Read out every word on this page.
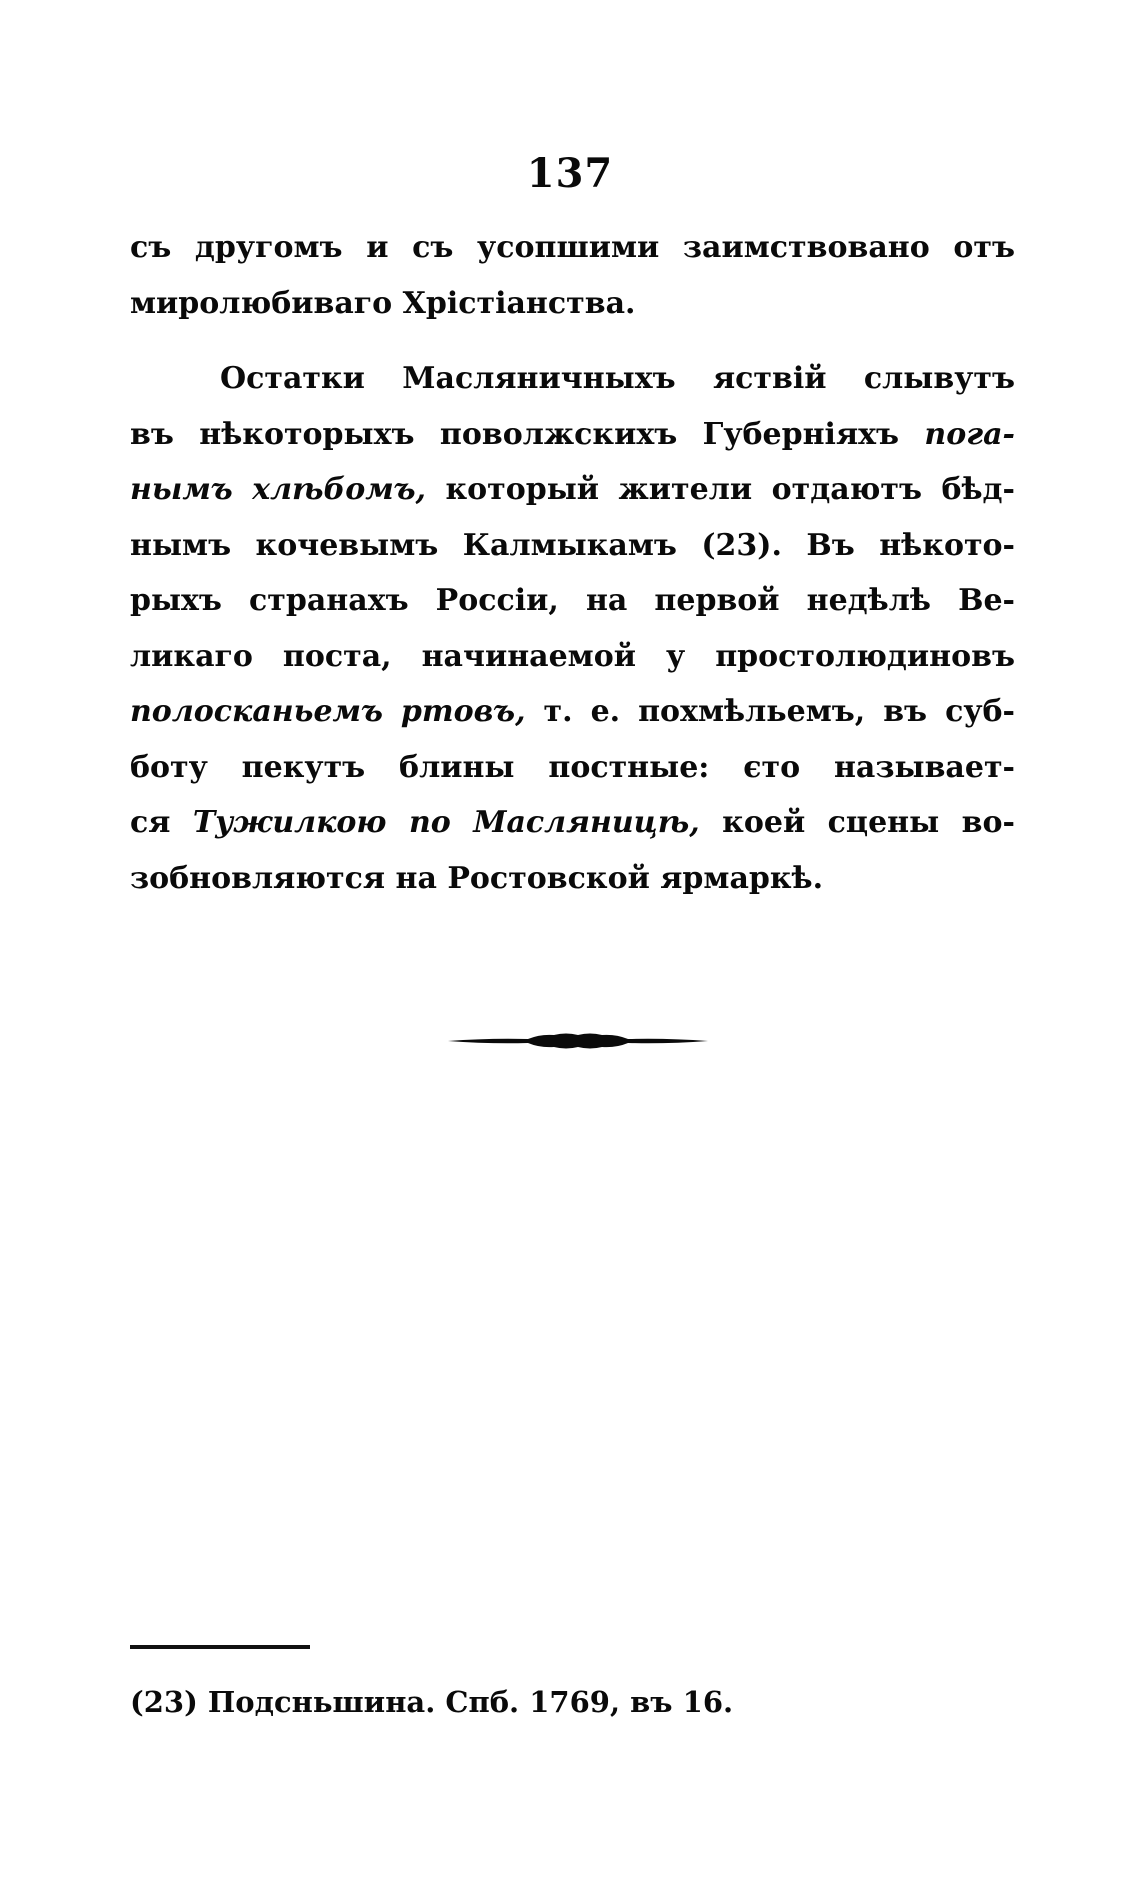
137
съ другомъ и съ усопшими заимствовано отъ
миролюбиваго Хрістіанства.
Остатки Масляничныхъ яствій слывутъ
въ нѣкоторыхъ поволжскихъ Губерніяхъ пога-
нымъ хлѣбомъ, который жители отдаютъ бѣд-
нымъ кочевымъ Калмыкамъ (23). Въ нѣкото-
рыхъ странахъ Россіи, на первой недѣлѣ Ве-
ликаго поста, начинаемой у простолюдиновъ
полосканьемъ ртовъ, т. е. похмѣльемъ, въ суб-
боту пекутъ блины постные: єто называет-
ся Тужилкою по Масляницѣ, коей сцены во-
зобновляются на Ростовской ярмаркѣ.
(23) Подсньшина. Спб. 1769, въ 16.
